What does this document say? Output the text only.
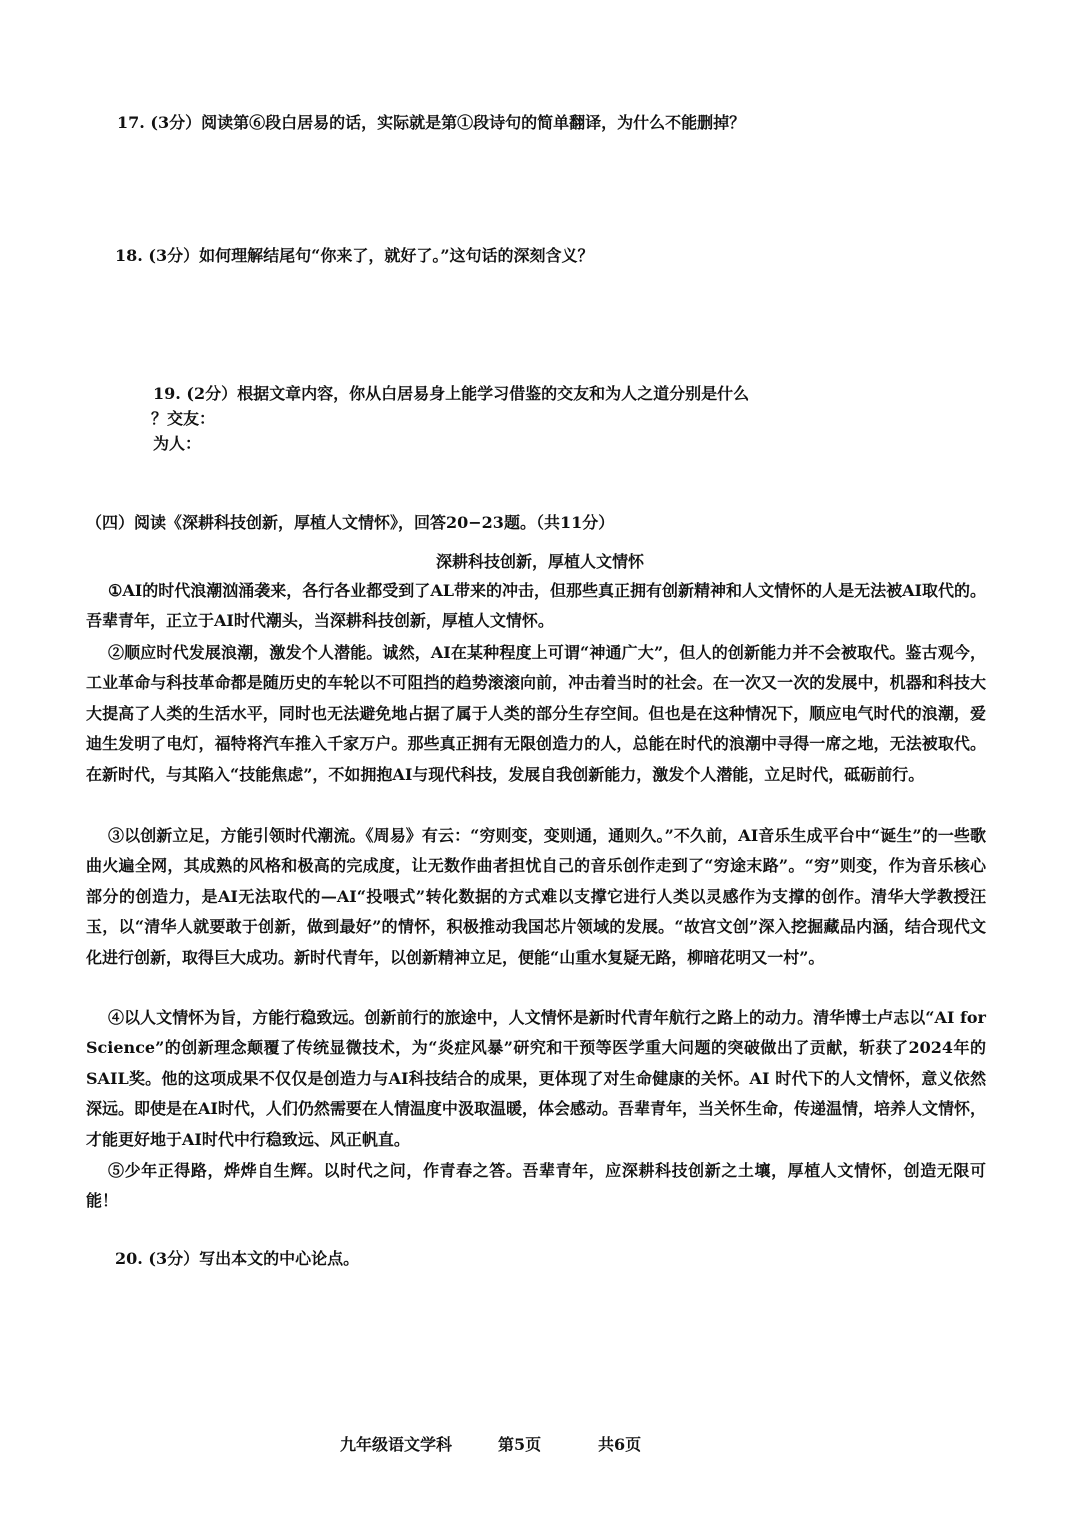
17. (3分）阅读第⑥段白居易的话，实际就是第①段诗句的简单翻译，为什么不能删掉？
18. (3分）如何理解结尾句“你来了，就好了。”这句话的深刻含义？
19. (2分）根据文章内容，你从白居易身上能学习借鉴的交友和为人之道分别是什么
？交友：
为人：
（四）阅读《深耕科技创新，厚植人文情怀》，回答20−23题。（共11分）
深耕科技创新，厚植人文情怀
①AI的时代浪潮汹涌袭来，各行各业都受到了AL带来的冲击，但那些真正拥有创新精神和人文情怀的人是无法被AI取代的。吾辈青年，正立于AI时代潮头，当深耕科技创新，厚植人文情怀。
②顺应时代发展浪潮，激发个人潜能。诚然，AI在某种程度上可谓“神通广大”，但人的创新能力并不会被取代。鉴古观今，工业革命与科技革命都是随历史的车轮以不可阻挡的趋势滚滚向前，冲击着当时的社会。在一次又一次的发展中，机器和科技大大提高了人类的生活水平，同时也无法避免地占据了属于人类的部分生存空间。但也是在这种情况下，顺应电气时代的浪潮，爱迪生发明了电灯，福特将汽车推入千家万户。那些真正拥有无限创造力的人，总能在时代的浪潮中寻得一席之地，无法被取代。在新时代，与其陷入“技能焦虑”，不如拥抱AI与现代科技，发展自我创新能力，激发个人潜能，立足时代，砥砺前行。
③以创新立足，方能引领时代潮流。《周易》有云：“穷则变，变则通，通则久。”不久前，AI音乐生成平台中“诞生”的一些歌曲火遍全网，其成熟的风格和极高的完成度，让无数作曲者担忧自己的音乐创作走到了“穷途末路”。“穷”则变，作为音乐核心部分的创造力，是AI无法取代的—AI“投喂式”转化数据的方式难以支撑它进行人类以灵感作为支撑的创作。清华大学教授汪玉，以“清华人就要敢于创新，做到最好”的情怀，积极推动我国芯片领域的发展。“故宫文创”深入挖掘藏品内涵，结合现代文化进行创新，取得巨大成功。新时代青年，以创新精神立足，便能“山重水复疑无路，柳暗花明又一村”。
④以人文情怀为旨，方能行稳致远。创新前行的旅途中，人文情怀是新时代青年航行之路上的动力。清华博士卢志以“AI for Science”的创新理念颠覆了传统显微技术，为“炎症风暴”研究和干预等医学重大问题的突破做出了贡献，斩获了2024年的SAIL奖。他的这项成果不仅仅是创造力与AI科技结合的成果，更体现了对生命健康的关怀。AI 时代下的人文情怀，意义依然深远。即使是在AI时代，人们仍然需要在人情温度中汲取温暖，体会感动。吾辈青年，当关怀生命，传递温情，培养人文情怀，才能更好地于AI时代中行稳致远、风正帆直。
⑤少年正得路，烨烨自生辉。以时代之问，作青春之答。吾辈青年，应深耕科技创新之土壤，厚植人文情怀，创造无限可能！
20. (3分）写出本文的中心论点。
九年级语文学科	第5页	共6页
